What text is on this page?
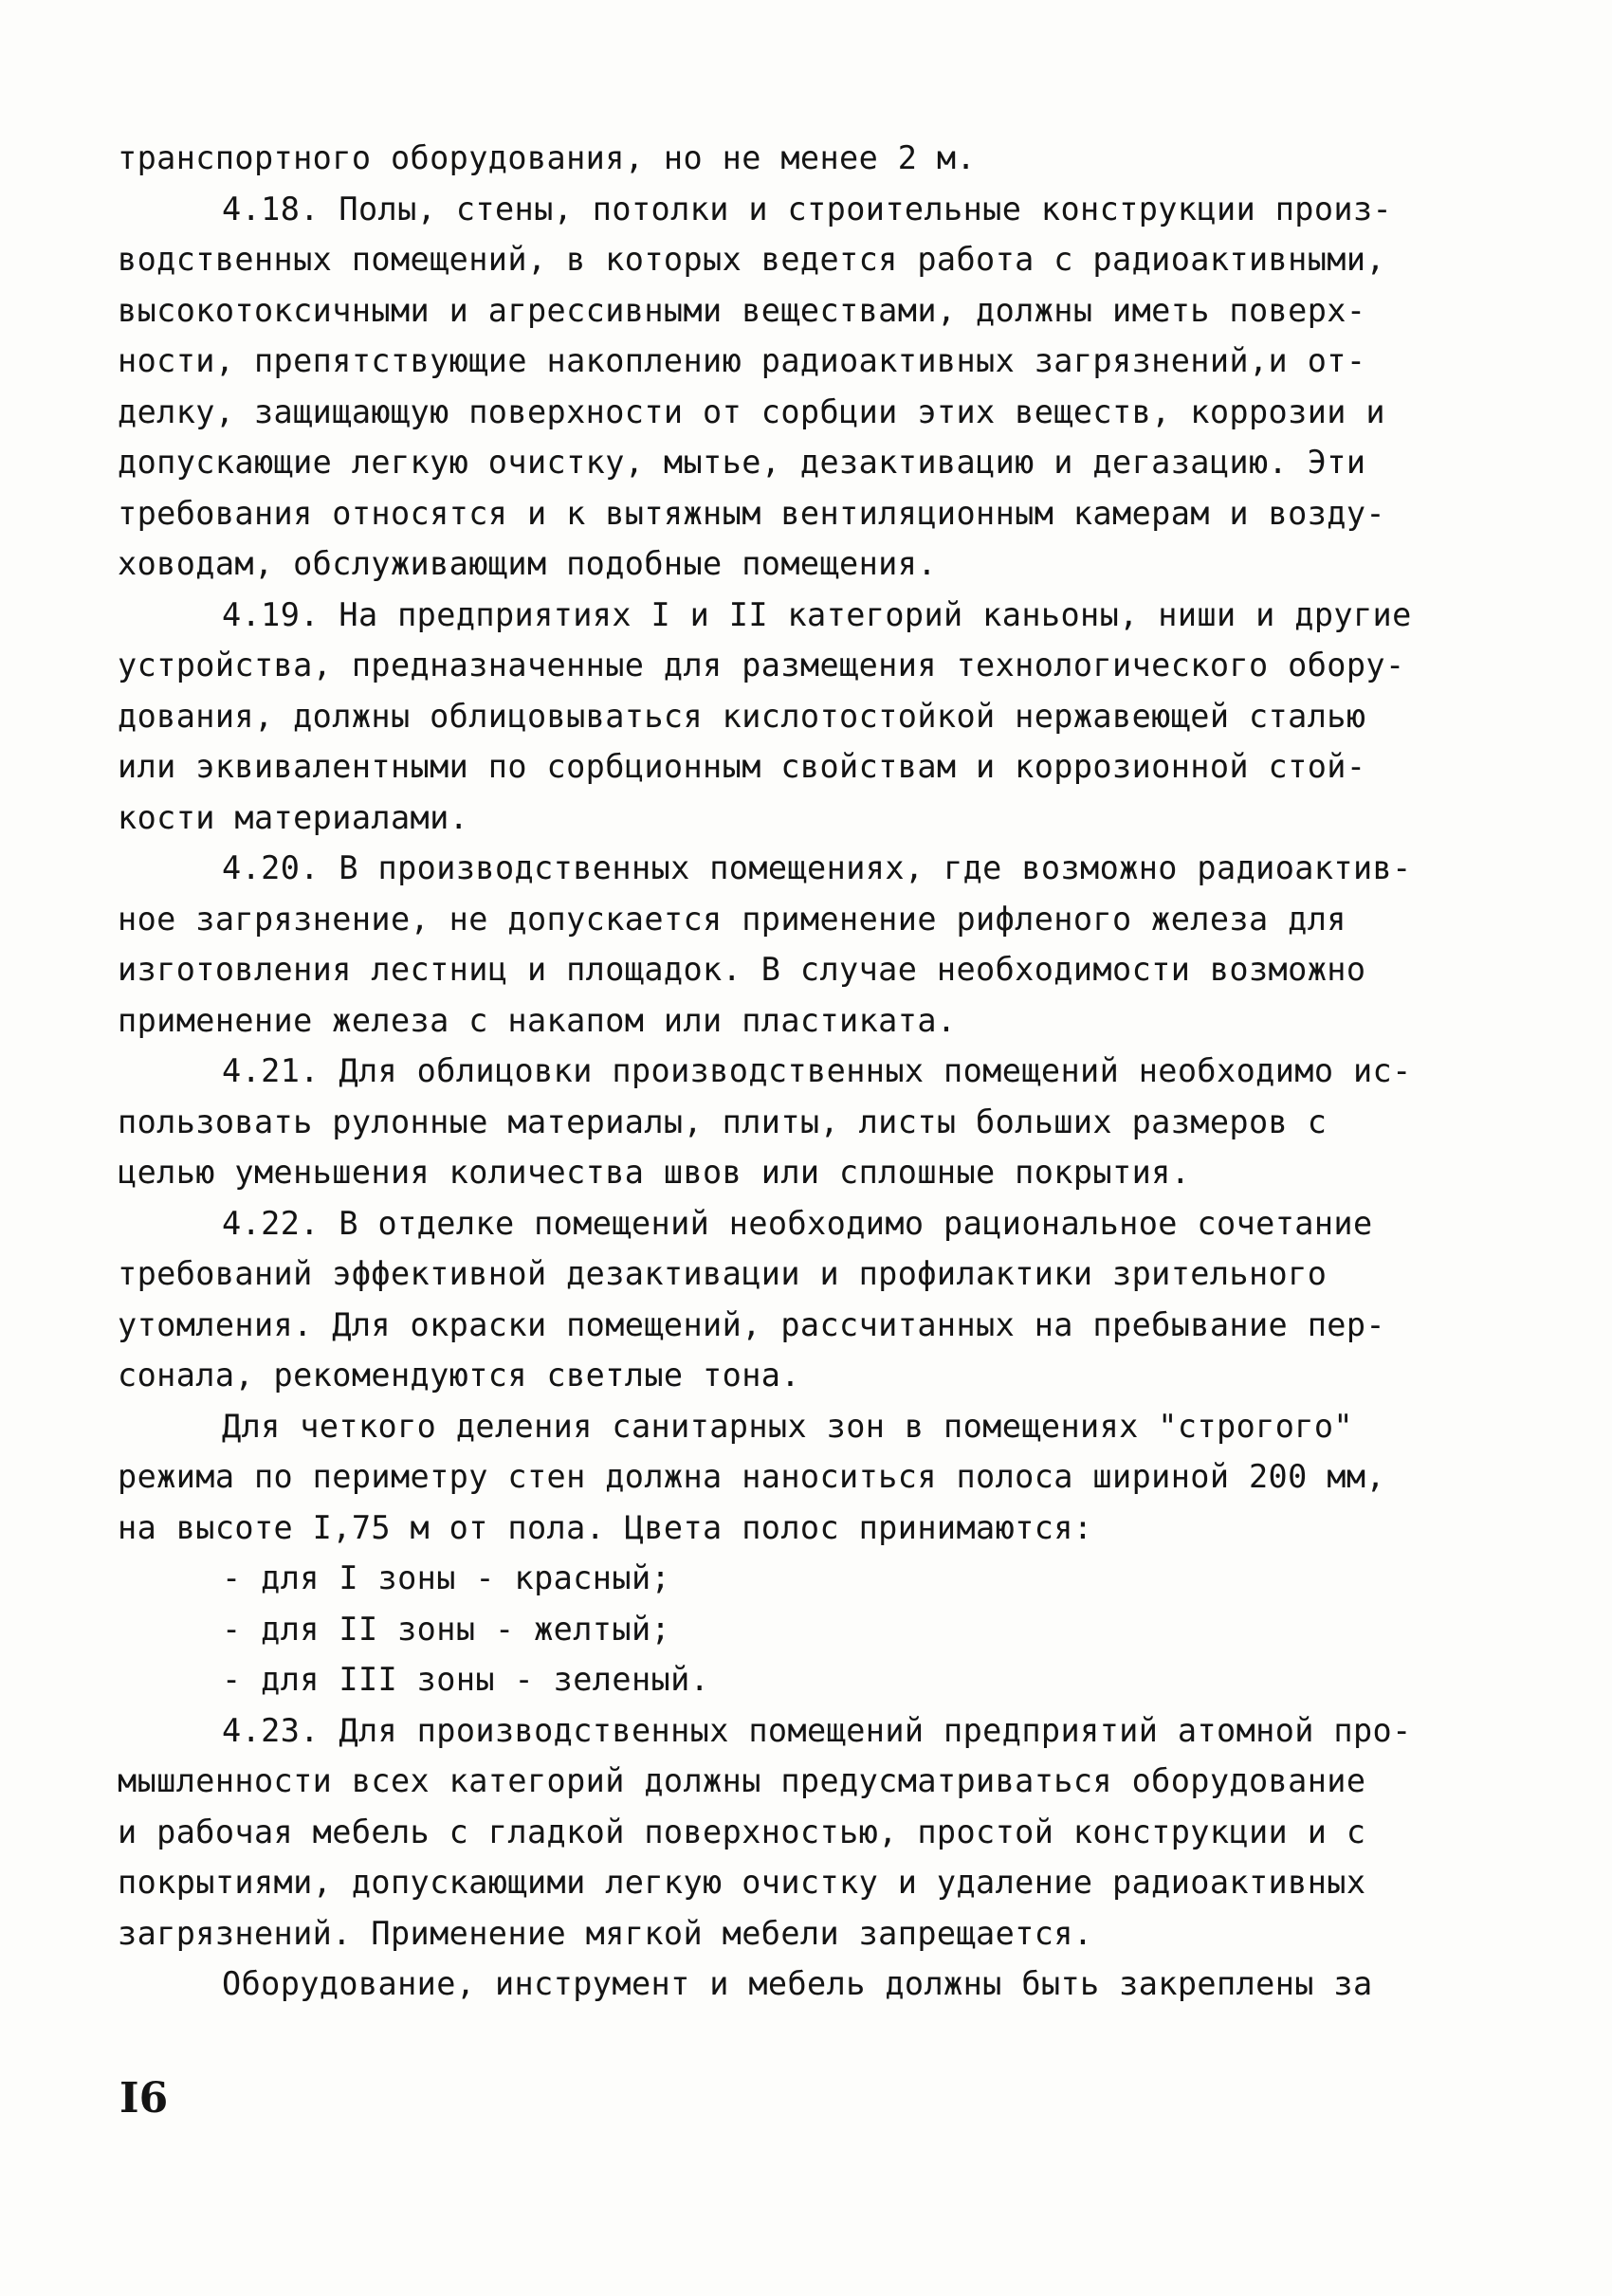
транспортного оборудования, но не менее 2 м.
4.18. Полы, стены, потолки и строительные конструкции произ-
водственных помещений, в которых ведется работа с радиоактивными,
высокотоксичными и агрессивными веществами, должны иметь поверх-
ности, препятствующие накоплению радиоактивных загрязнений,и от-
делку, защищающую поверхности от сорбции этих веществ, коррозии и
допускающие легкую очистку, мытье, дезактивацию и дегазацию. Эти
требования относятся и к вытяжным вентиляционным камерам и возду-
ховодам, обслуживающим подобные помещения.
4.19. На предприятиях I и II категорий каньоны, ниши и другие
устройства, предназначенные для размещения технологического обору-
дования, должны облицовываться кислотостойкой нержавеющей сталью
или эквивалентными по сорбционным свойствам и коррозионной стой-
кости материалами.
4.20. В производственных помещениях, где возможно радиоактив-
ное загрязнение, не допускается применение рифленого железа для
изготовления лестниц и площадок. В случае необходимости возможно
применение железа с накапом или пластиката.
4.21. Для облицовки производственных помещений необходимо ис-
пользовать рулонные материалы, плиты, листы больших размеров с
целью уменьшения количества швов или сплошные покрытия.
4.22. В отделке помещений необходимо рациональное сочетание
требований эффективной дезактивации и профилактики зрительного
утомления. Для окраски помещений, рассчитанных на пребывание пер-
сонала, рекомендуются светлые тона.
Для четкого деления санитарных зон в помещениях "строгого"
режима по периметру стен должна наноситься полоса шириной 200 мм,
на высоте I,75 м от пола. Цвета полос принимаются:
- для I зоны - красный;
- для II зоны - желтый;
- для III зоны - зеленый.
4.23. Для производственных помещений предприятий атомной про-
мышленности всех категорий должны предусматриваться оборудование
и рабочая мебель с гладкой поверхностью, простой конструкции и с
покрытиями, допускающими легкую очистку и удаление радиоактивных
загрязнений. Применение мягкой мебели запрещается.
Оборудование, инструмент и мебель должны быть закреплены за
I6
